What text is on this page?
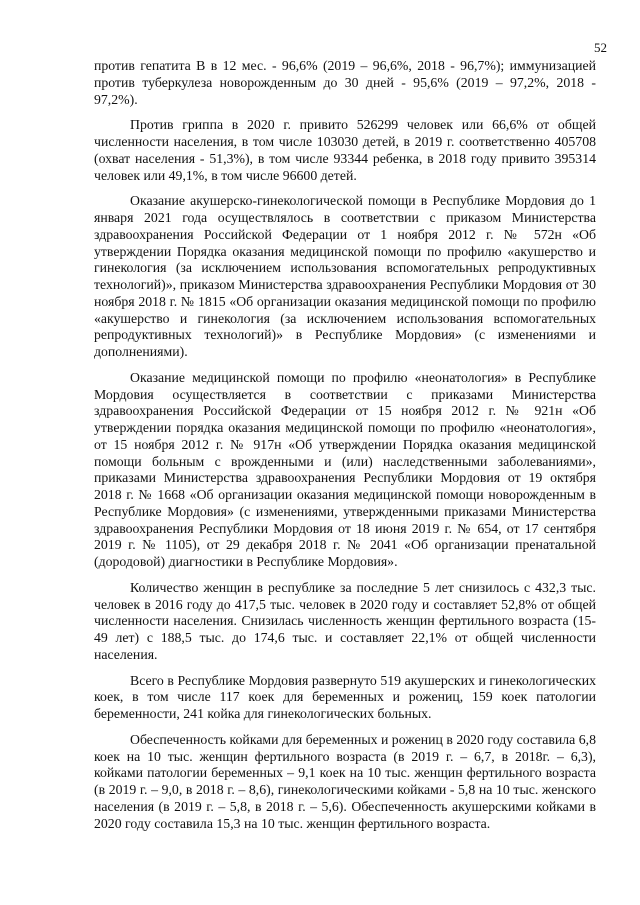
52

против гепатита В в 12 мес. - 96,6% (2019 – 96,6%, 2018 - 96,7%); иммунизацией против туберкулеза новорожденным до 30 дней - 95,6% (2019 – 97,2%, 2018 - 97,2%).

Против гриппа в 2020 г. привито 526299 человек или 66,6% от общей численности населения, в том числе 103030 детей, в 2019 г. соответственно 405708 (охват населения - 51,3%), в том числе 93344 ребенка, в 2018 году привито 395314 человек или 49,1%, в том числе 96600 детей.

Оказание акушерско-гинекологической помощи в Республике Мордовия до 1 января 2021 года осуществлялось в соответствии с приказом Министерства здравоохранения Российской Федерации от 1 ноября 2012 г. № 572н «Об утверждении Порядка оказания медицинской помощи по профилю «акушерство и гинекология (за исключением использования вспомогательных репродуктивных технологий)», приказом Министерства здравоохранения Республики Мордовия от 30 ноября 2018 г. № 1815 «Об организации оказания медицинской помощи по профилю «акушерство и гинекология (за исключением использования вспомогательных репродуктивных технологий)» в Республике Мордовия» (с изменениями и дополнениями).

Оказание медицинской помощи по профилю «неонатология» в Республике Мордовия осуществляется в соответствии с приказами Министерства здравоохранения Российской Федерации от 15 ноября 2012 г. № 921н «Об утверждении порядка оказания медицинской помощи по профилю «неонатология», от 15 ноября 2012 г. № 917н «Об утверждении Порядка оказания медицинской помощи больным с врожденными и (или) наследственными заболеваниями», приказами Министерства здравоохранения Республики Мордовия от 19 октября 2018 г. № 1668 «Об организации оказания медицинской помощи новорожденным в Республике Мордовия» (с изменениями, утвержденными приказами Министерства здравоохранения Республики Мордовия от 18 июня 2019 г. № 654, от 17 сентября 2019 г. № 1105), от 29 декабря 2018 г. № 2041 «Об организации пренатальной (дородовой) диагностики в Республике Мордовия».

Количество женщин в республике за последние 5 лет снизилось с 432,3 тыс. человек в 2016 году до 417,5 тыс. человек в 2020 году и составляет 52,8% от общей численности населения. Снизилась численность женщин фертильного возраста (15-49 лет) с 188,5 тыс. до 174,6 тыс. и составляет 22,1% от общей численности населения.

Всего в Республике Мордовия развернуто 519 акушерских и гинекологических коек, в том числе 117 коек для беременных и рожениц, 159 коек патологии беременности, 241 койка для гинекологических больных.

Обеспеченность койками для беременных и рожениц в 2020 году составила 6,8 коек на 10 тыс. женщин фертильного возраста (в 2019 г. – 6,7, в 2018г. – 6,3), койками патологии беременных – 9,1 коек на 10 тыс. женщин фертильного возраста (в 2019 г. – 9,0, в 2018 г. – 8,6), гинекологическими койками - 5,8 на 10 тыс. женского населения (в 2019 г. – 5,8, в 2018 г. – 5,6). Обеспеченность акушерскими койками в 2020 году составила 15,3 на 10 тыс. женщин фертильного возраста.
